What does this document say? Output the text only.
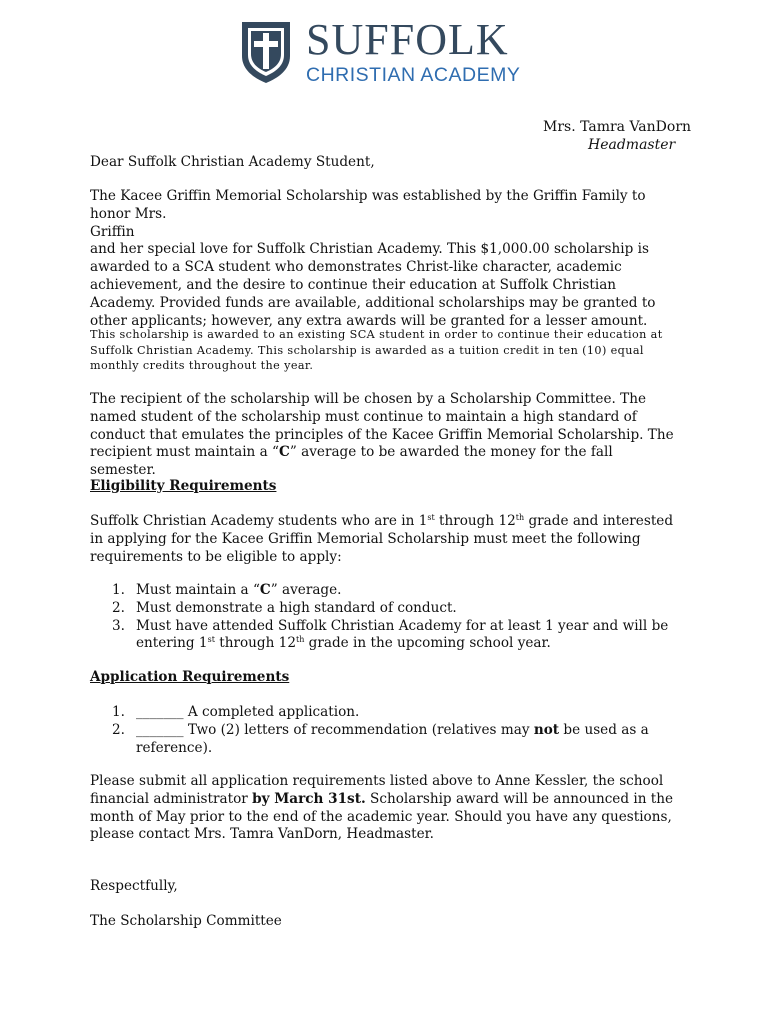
SUFFOLK
CHRISTIAN ACADEMY
Mrs. Tamra VanDorn
Headmaster

Dear Suffolk Christian Academy Student,

The Kacee Griffin Memorial Scholarship was established by the Griffin Family to honor Mrs.
Griffin
and her special love for Suffolk Christian Academy. This $1,000.00 scholarship is awarded to a SCA student who demonstrates Christ-like character, academic achievement, and the desire to continue their education at Suffolk Christian Academy. Provided funds are available, additional scholarships may be granted to other applicants; however, any extra awards will be granted for a lesser amount.

This scholarship is awarded to an existing SCA student in order to continue their education at Suffolk Christian Academy. This scholarship is awarded as a tuition credit in ten (10) equal monthly credits throughout the year.

The recipient of the scholarship will be chosen by a Scholarship Committee. The named student of the scholarship must continue to maintain a high standard of conduct that emulates the principles of the Kacee Griffin Memorial Scholarship. The recipient must maintain a “C” average to be awarded the money for the fall semester.

Eligibility Requirements

Suffolk Christian Academy students who are in 1st through 12th grade and interested in applying for the Kacee Griffin Memorial Scholarship must meet the following requirements to be eligible to apply:

1. Must maintain a “C” average.
2. Must demonstrate a high standard of conduct.
3. Must have attended Suffolk Christian Academy for at least 1 year and will be entering 1st through 12th grade in the upcoming school year.

Application Requirements

1. _______ A completed application.
2. _______ Two (2) letters of recommendation (relatives may not be used as a reference).

Please submit all application requirements listed above to Anne Kessler, the school financial administrator by March 31st. Scholarship award will be announced in the month of May prior to the end of the academic year. Should you have any questions, please contact Mrs. Tamra VanDorn, Headmaster.

Respectfully,

The Scholarship Committee
